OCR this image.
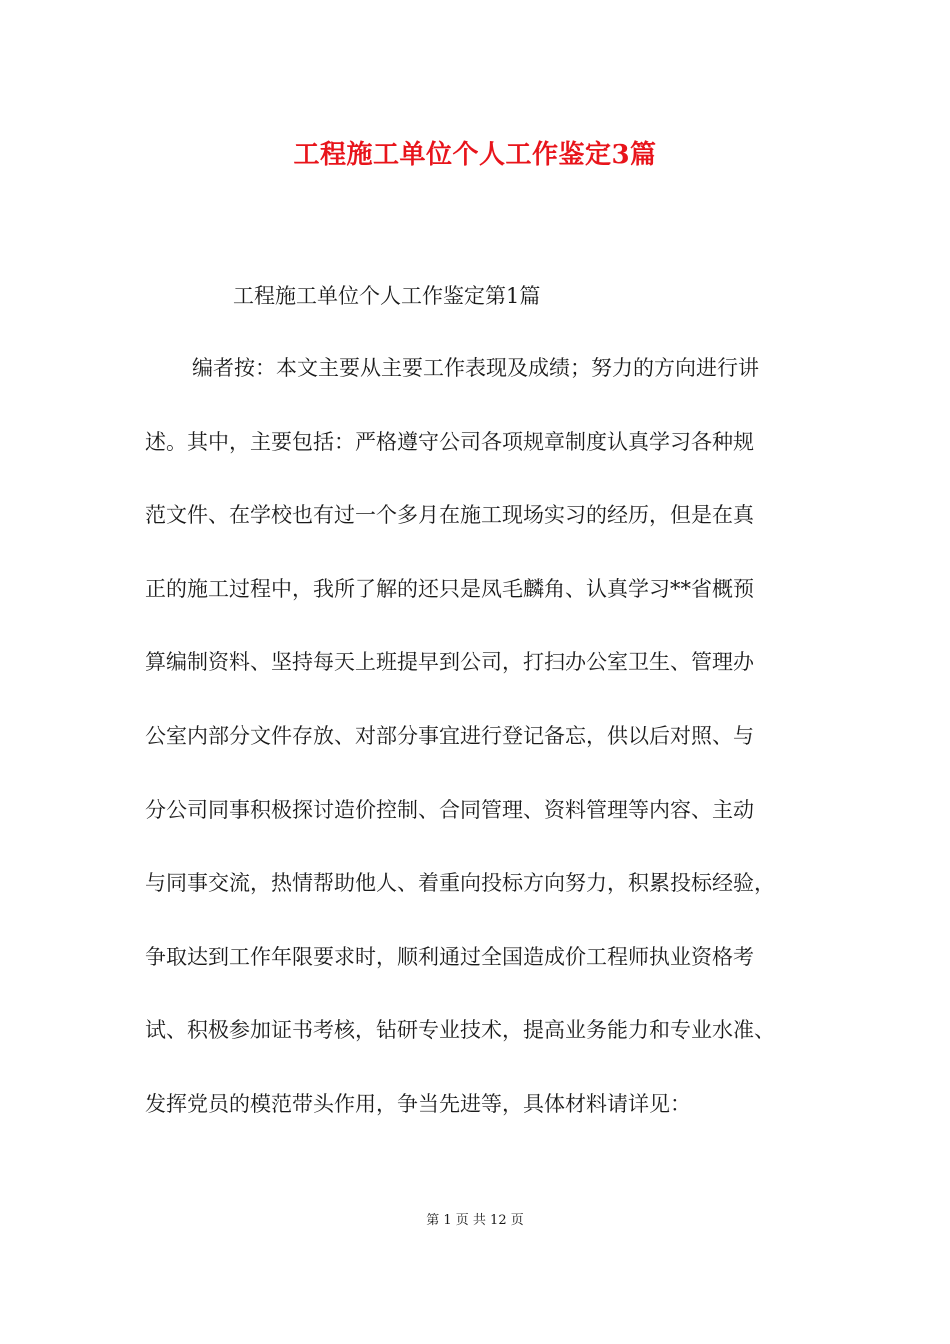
工程施工单位个人工作鉴定3篇
工程施工单位个人工作鉴定第1篇
编者按：本文主要从主要工作表现及成绩；努力的方向进行讲
述。其中，主要包括：严格遵守公司各项规章制度认真学习各种规
范文件、在学校也有过一个多月在施工现场实习的经历，但是在真
正的施工过程中，我所了解的还只是凤毛麟角、认真学习**省概预
算编制资料、坚持每天上班提早到公司，打扫办公室卫生、管理办
公室内部分文件存放、对部分事宜进行登记备忘，供以后对照、与
分公司同事积极探讨造价控制、合同管理、资料管理等内容、主动
与同事交流，热情帮助他人、着重向投标方向努力，积累投标经验，
争取达到工作年限要求时，顺利通过全国造成价工程师执业资格考
试、积极参加证书考核，钻研专业技术，提高业务能力和专业水准、
发挥党员的模范带头作用，争当先进等，具体材料请详见：
第 1 页 共 12 页
